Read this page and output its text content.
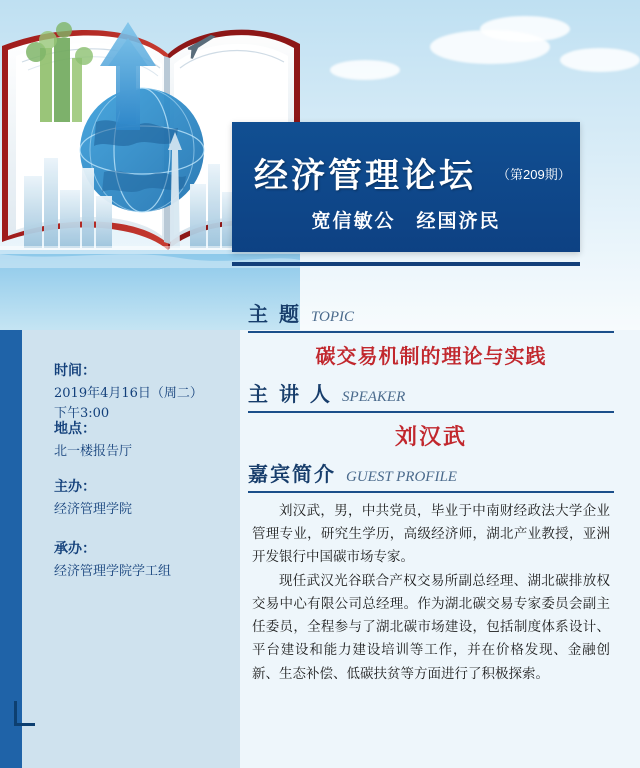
经济管理论坛 （第209期）
宽信敏公　经国济民
主 题 TOPIC
碳交易机制的理论与实践
主 讲 人 SPEAKER
刘汉武
嘉宾简介 GUEST PROFILE

刘汉武，男，中共党员，毕业于中南财经政法大学企业管理专业，研究生学历，高级经济师，湖北产业教授，亚洲开发银行中国碳市场专家。

现任武汉光谷联合产权交易所副总经理、湖北碳排放权交易中心有限公司总经理。作为湖北碳交易专家委员会副主任委员，全程参与了湖北碳市场建设，包括制度体系设计、平台建设和能力建设培训等工作，并在价格发现、金融创新、生态补偿、低碳扶贫等方面进行了积极探索。

时间：
2019年4月16日（周二）
下午3:00
地点：
北一楼报告厅
主办：
经济管理学院
承办：
经济管理学院学工组
